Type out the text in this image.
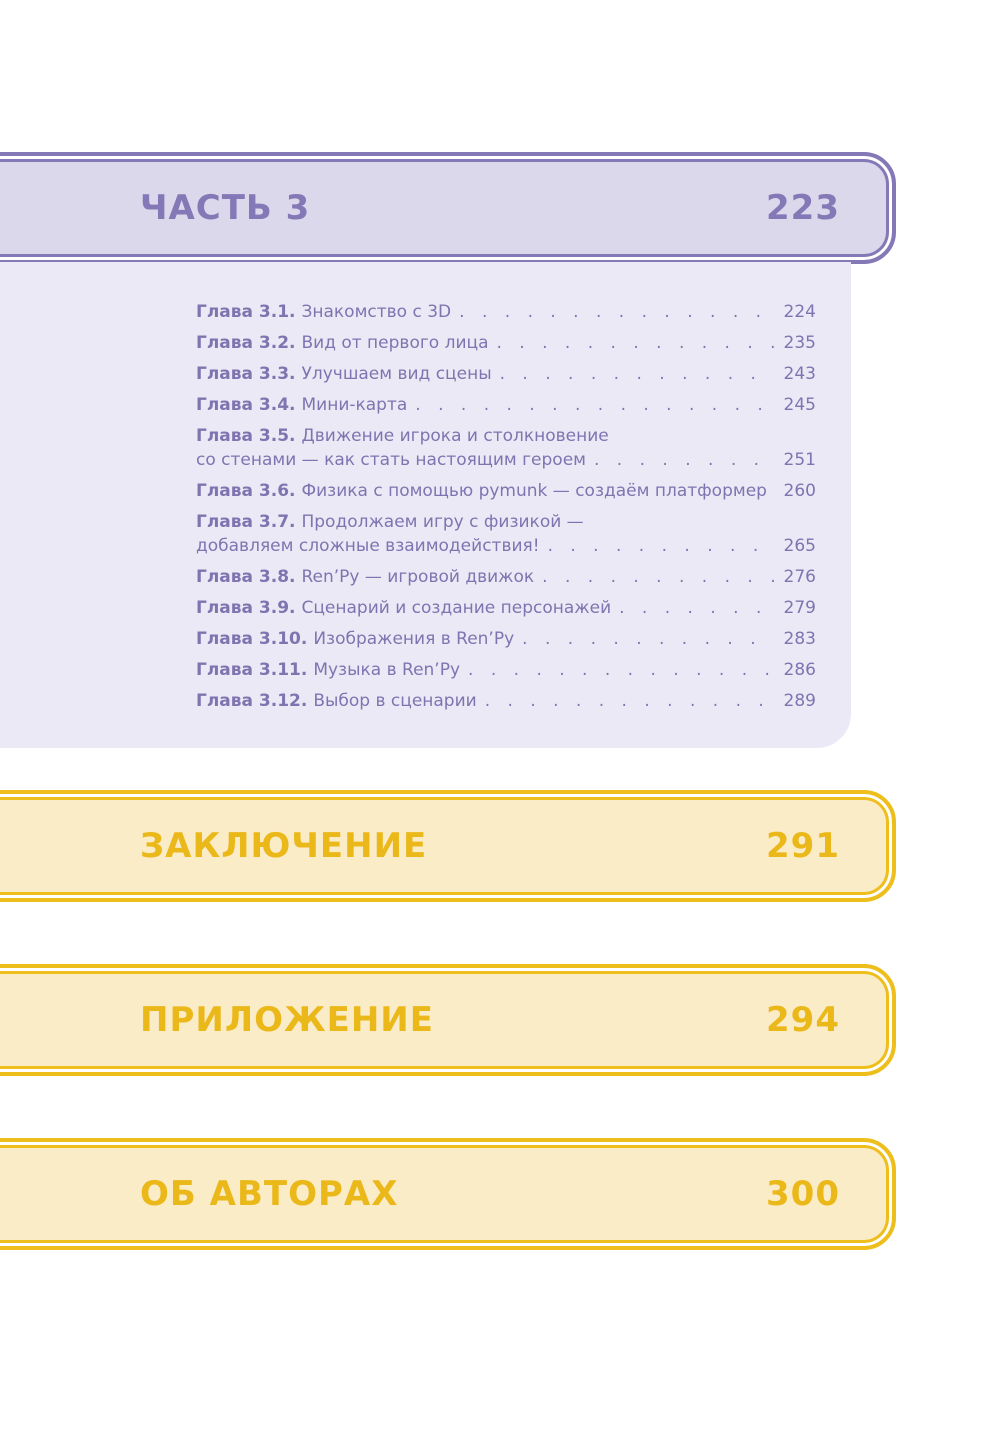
ЧАСТЬ 3	223
Глава 3.1. Знакомство с 3D . . .	224
Глава 3.2. Вид от первого лица . . .	235
Глава 3.3. Улучшаем вид сцены . . .	243
Глава 3.4. Мини-карта . . .	245
Глава 3.5. Движение игрока и столкновение
со стенами — как стать настоящим героем . . .	251
Глава 3.6. Физика с помощью pymunk — создаём платформер 260
Глава 3.7. Продолжаем игру с физикой —
добавляем сложные взаимодействия! . . .	265
Глава 3.8. Ren’Py — игровой движок . . .	276
Глава 3.9. Сценарий и создание персонажей . . .	279
Глава 3.10. Изображения в Ren’Py . . .	283
Глава 3.11. Музыка в Ren’Py . . .	286
Глава 3.12. Выбор в сценарии . . .	289
ЗАКЛЮЧЕНИЕ	291
ПРИЛОЖЕНИЕ	294
ОБ АВТОРАХ	300
